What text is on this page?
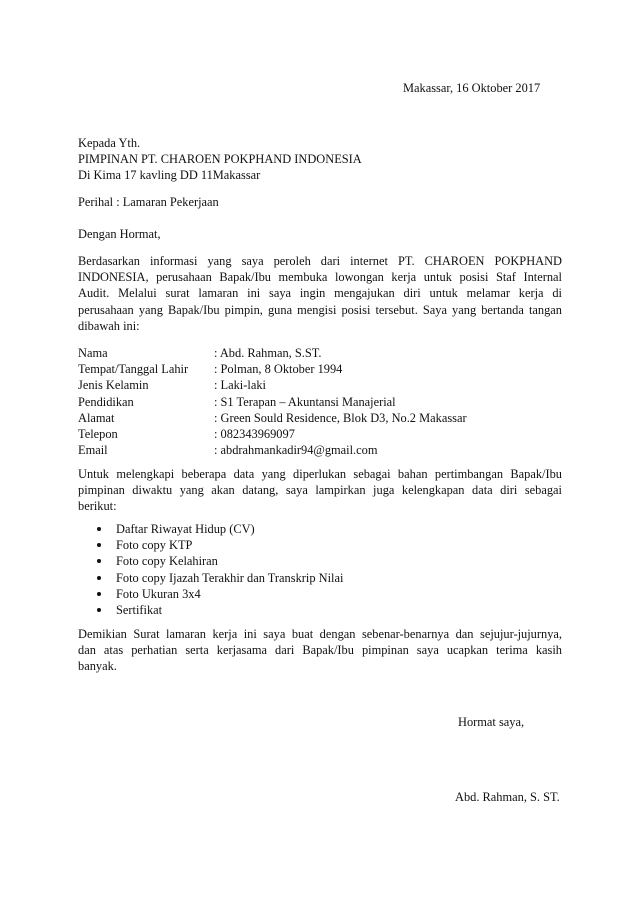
Makassar, 16 Oktober 2017
Kepada Yth.
PIMPINAN PT. CHAROEN POKPHAND INDONESIA
Di Kima 17 kavling DD 11Makassar
Perihal : Lamaran Pekerjaan
Dengan Hormat,
Berdasarkan informasi yang saya peroleh dari internet PT. CHAROEN POKPHAND
INDONESIA, perusahaan Bapak/Ibu membuka lowongan kerja untuk posisi Staf Internal
Audit. Melalui surat lamaran ini saya ingin mengajukan diri untuk melamar kerja di
perusahaan yang Bapak/Ibu pimpin, guna mengisi posisi tersebut. Saya yang bertanda tangan
dibawah ini:
Nama	: Abd. Rahman, S.ST.
Tempat/Tanggal Lahir	: Polman, 8 Oktober 1994
Jenis Kelamin	: Laki-laki
Pendidikan	: S1 Terapan – Akuntansi Manajerial
Alamat	: Green Sould Residence, Blok D3, No.2 Makassar
Telepon	: 082343969097
Email	: abdrahmankadir94@gmail.com
Untuk melengkapi beberapa data yang diperlukan sebagai bahan pertimbangan Bapak/Ibu
pimpinan diwaktu yang akan datang, saya lampirkan juga kelengkapan data diri sebagai
berikut:
Daftar Riwayat Hidup (CV)
Foto copy KTP
Foto copy Kelahiran
Foto copy Ijazah Terakhir dan Transkrip Nilai
Foto Ukuran 3x4
Sertifikat
Demikian Surat lamaran kerja ini saya buat dengan sebenar-benarnya dan sejujur-jujurnya,
dan atas perhatian serta kerjasama dari Bapak/Ibu pimpinan saya ucapkan terima kasih
banyak.
Hormat saya,
Abd. Rahman, S. ST.
